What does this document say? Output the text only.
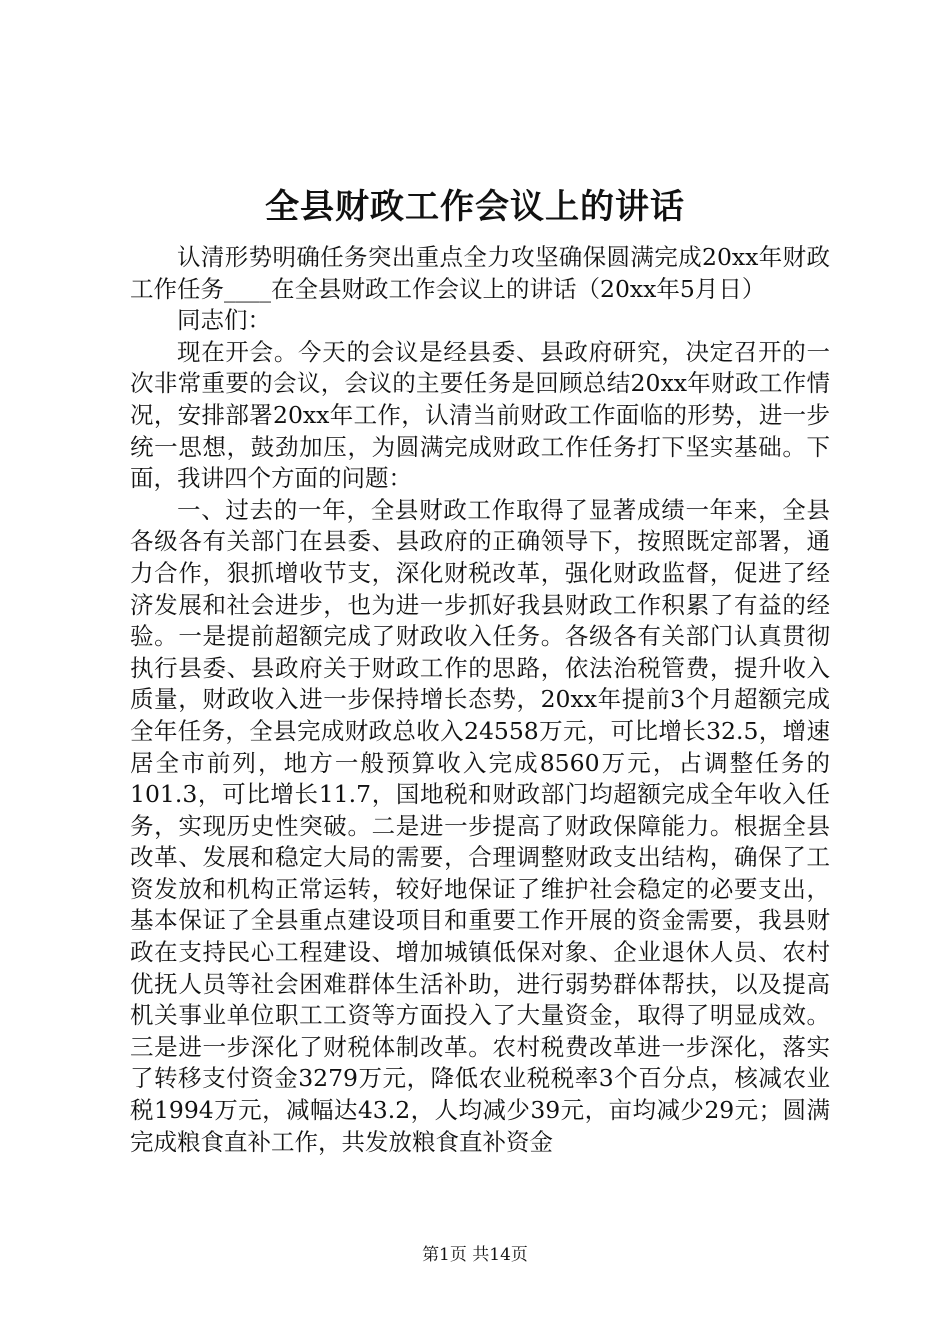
全县财政工作会议上的讲话

认清形势明确任务突出重点全力攻坚确保圆满完成20xx年财政工作任务____在全县财政工作会议上的讲话（20xx年5月日）

同志们：

现在开会。今天的会议是经县委、县政府研究，决定召开的一次非常重要的会议，会议的主要任务是回顾总结20xx年财政工作情况，安排部署20xx年工作，认清当前财政工作面临的形势，进一步统一思想，鼓劲加压，为圆满完成财政工作任务打下坚实基础。下面，我讲四个方面的问题：

一、过去的一年，全县财政工作取得了显著成绩一年来，全县各级各有关部门在县委、县政府的正确领导下，按照既定部署，通力合作，狠抓增收节支，深化财税改革，强化财政监督，促进了经济发展和社会进步，也为进一步抓好我县财政工作积累了有益的经验。一是提前超额完成了财政收入任务。各级各有关部门认真贯彻执行县委、县政府关于财政工作的思路，依法治税管费，提升收入质量，财政收入进一步保持增长态势，20xx年提前3个月超额完成全年任务，全县完成财政总收入24558万元，可比增长32.5，增速居全市前列，地方一般预算收入完成8560万元，占调整任务的101.3，可比增长11.7，国地税和财政部门均超额完成全年收入任务，实现历史性突破。二是进一步提高了财政保障能力。根据全县改革、发展和稳定大局的需要，合理调整财政支出结构，确保了工资发放和机构正常运转，较好地保证了维护社会稳定的必要支出，基本保证了全县重点建设项目和重要工作开展的资金需要，我县财政在支持民心工程建设、增加城镇低保对象、企业退休人员、农村优抚人员等社会困难群体生活补助，进行弱势群体帮扶，以及提高机关事业单位职工工资等方面投入了大量资金，取得了明显成效。三是进一步深化了财税体制改革。农村税费改革进一步深化，落实了转移支付资金3279万元，降低农业税税率3个百分点，核减农业税1994万元，减幅达43.2，人均减少39元，亩均减少29元；圆满完成粮食直补工作，共发放粮食直补资金

第1页 共14页
